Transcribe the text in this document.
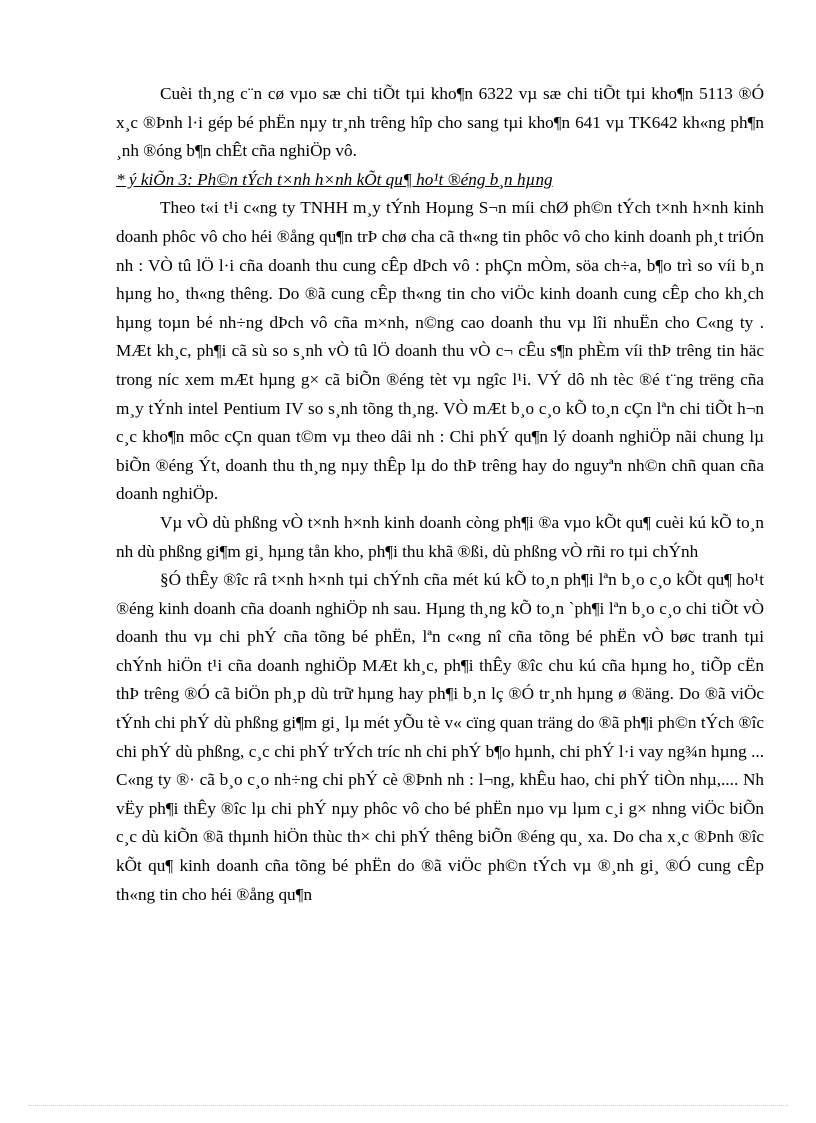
Cuèi th¸ng c¨n cø vµo sæ chi tiÕt tµi kho¶n 6322 vµ sæ chi tiÕt tµi kho¶n 5113 ®Ó x¸c ®Þnh l·i gép bé phËn nµy tr¸nh trêng hîp cho sang tµi kho¶n 641 vµ TK642 kh«ng ph¶n ¸nh ®óng b¶n chÊt cña nghiÖp vô.

* ý kiÕn 3: Ph©n tÝch t×nh h×nh kÕt qu¶ ho¹t ®éng b¸n hµng

Theo t«i t¹i c«ng ty TNHH m¸y tÝnh Hoµng S¬n míi chØ ph©n tÝch t×nh h×nh kinh doanh phôc vô cho héi ®ång qu¶n trÞ chø cha cã th«ng tin phôc vô cho kinh doanh ph¸t triÓn nh : VÒ tû lÖ l·i cña doanh thu cung cÊp dÞch vô : phÇn mÒm, söa ch÷a, b¶o trì so víi b¸n hµng ho¸ th«ng thêng. Do ®ã cung cÊp th«ng tin cho viÖc kinh doanh cung cÊp cho kh¸ch hµng toµn bé nh÷ng dÞch vô cña m×nh, n©ng cao doanh thu vµ lîi nhuËn cho C«ng ty . MÆt kh¸c, ph¶i cã sù so s¸nh vÒ tû lÖ doanh thu vÒ c¬ cÊu s¶n phÈm víi thÞ trêng tin häc trong níc xem mÆt hµng g× cã biÕn ®éng tèt vµ ngîc l¹i. VÝ dô nh tèc ®é t¨ng trëng cña m¸y tÝnh intel Pentium IV so s¸nh tõng th¸ng. VÒ mÆt b¸o c¸o kÕ to¸n cÇn lªn chi tiÕt h¬n c¸c kho¶n môc cÇn quan t©m vµ theo dâi nh : Chi phÝ qu¶n lý doanh nghiÖp nãi chung lµ biÕn ®éng Ýt, doanh thu th¸ng nµy thÊp lµ do thÞ trêng hay do nguyªn nh©n chñ quan cña doanh nghiÖp.

Vµ vÒ dù phßng vÒ t×nh h×nh kinh doanh còng ph¶i ®a vµo kÕt qu¶ cuèi kú kÕ to¸n nh dù phßng gi¶m gi¸ hµng tån kho, ph¶i thu khã ®ßi, dù phßng vÒ rñi ro tµi chÝnh

§Ó thÊy ®îc râ t×nh h×nh tµi chÝnh cña mét kú kÕ to¸n ph¶i lªn b¸o c¸o kÕt qu¶ ho¹t ®éng kinh doanh cña doanh nghiÖp nh sau. Hµng th¸ng kÕ to¸n `ph¶i lªn b¸o c¸o chi tiÕt vÒ doanh thu vµ chi phÝ cña tõng bé phËn, lªn c«ng nî cña tõng bé phËn vÒ bøc tranh tµi chÝnh hiÖn t¹i cña doanh nghiÖp MÆt kh¸c, ph¶i thÊy ®îc chu kú cña hµng ho¸ tiÕp cËn thÞ trêng ®Ó cã biÖn ph¸p dù trữ hµng hay ph¶i b¸n lç ®Ó tr¸nh hµng ø ®äng. Do ®ã viÖc tÝnh chi phÝ dù phßng gi¶m gi¸ lµ mét yÕu tè v« cïng quan träng do ®ã ph¶i ph©n tÝch ®îc chi phÝ dù phßng, c¸c chi phÝ trÝch tríc nh chi phÝ b¶o hµnh, chi phÝ l·i vay ng¾n hµng ... C«ng ty ®· cã b¸o c¸o nh÷ng chi phÝ cè ®Þnh nh : l¬ng, khÊu hao, chi phÝ tiÒn nhµ,.... Nh vËy ph¶i thÊy ®îc lµ chi phÝ nµy phôc vô cho bé phËn nµo vµ lµm c¸i g× nhng viÖc biÕn c¸c dù kiÕn ®ã thµnh hiÖn thùc th× chi phÝ thêng biÕn ®éng qu¸ xa. Do cha x¸c ®Þnh ®îc kÕt qu¶ kinh doanh cña tõng bé phËn do ®ã viÖc ph©n tÝch vµ ®¸nh gi¸ ®Ó cung cÊp th«ng tin cho héi ®ång qu¶n
